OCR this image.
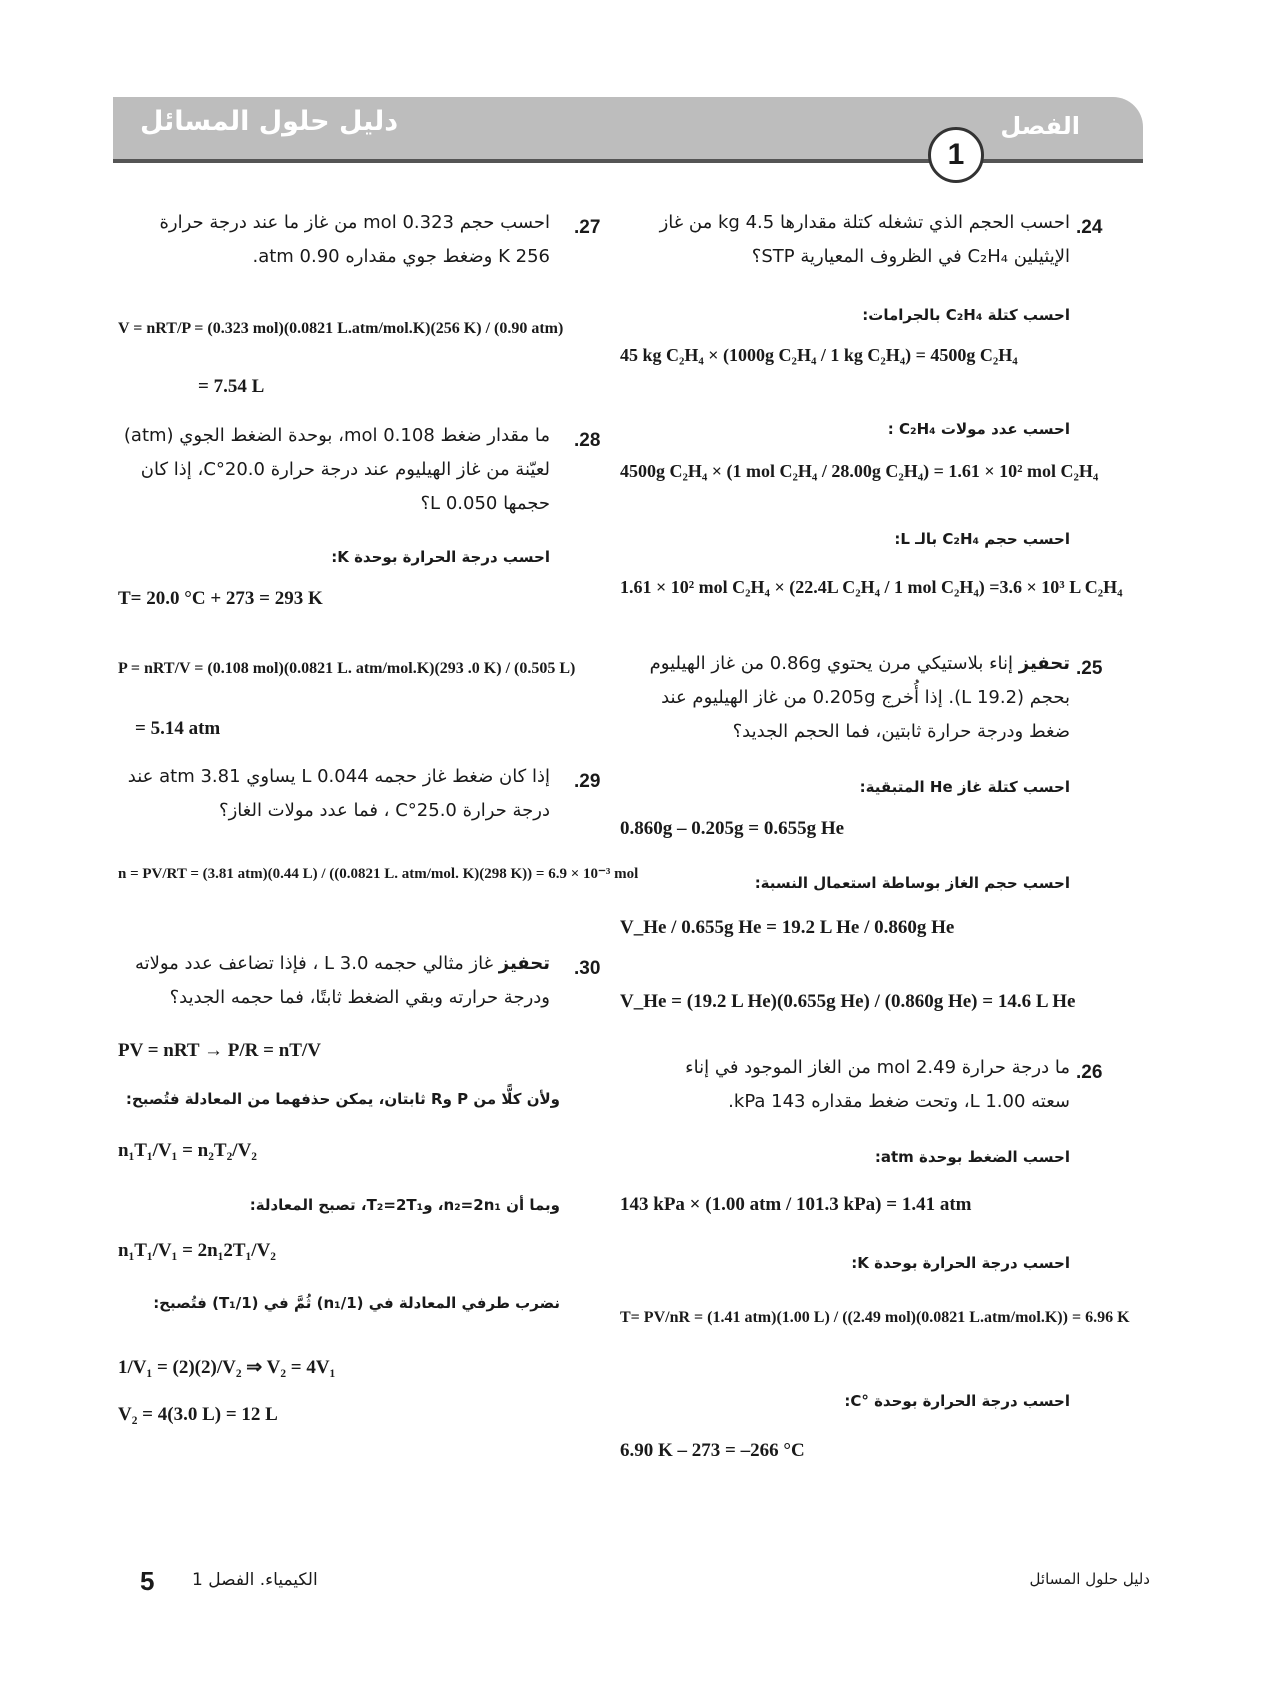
دليل حلول المسائل	الفصل
1
.24
احسب الحجم الذي تشغله كتلة مقدارها 4.5 kg من غاز
الإيثيلين C₂H₄ في الظروف المعيارية STP؟
احسب كتلة C₂H₄ بالجرامات:
45 kg C₂H₄ × (1000g C₂H₄ / 1 kg C₂H₄) = 4500g C₂H₄
احسب عدد مولات C₂H₄ :
4500g C₂H₄ × (1 mol C₂H₄ / 28.00g C₂H₄) = 1.61 × 10² mol C₂H₄
احسب حجم C₂H₄ بالـ L:
1.61 × 10² mol C₂H₄ × (22.4L C₂H₄ / 1 mol C₂H₄) =3.6 × 10³ L C₂H₄
.25
تحفيز إناء بلاستيكي مرن يحتوي 0.86g من غاز الهيليوم
بحجم (19.2 L). إذا أُخرج 0.205g من غاز الهيليوم عند
ضغط ودرجة حرارة ثابتين، فما الحجم الجديد؟
احسب كتلة غاز He المتبقية:
0.860g – 0.205g = 0.655g He
احسب حجم الغاز بوساطة استعمال النسبة:
V_He / 0.655g He = 19.2 L He / 0.860g He
V_He = (19.2 L He)(0.655g He) / (0.860g He) = 14.6 L He
.26
ما درجة حرارة 2.49 mol من الغاز الموجود في إناء
سعته 1.00 L، وتحت ضغط مقداره 143 kPa.
احسب الضغط بوحدة atm:
143 kPa × (1.00 atm / 101.3 kPa) = 1.41 atm
احسب درجة الحرارة بوحدة K:
T= PV/nR = (1.41 atm)(1.00 L) / ((2.49 mol)(0.0821 L.atm/mol.K)) = 6.96 K
احسب درجة الحرارة بوحدة °C:
6.90 K – 273 = –266 °C
.27
احسب حجم 0.323 mol من غاز ما عند درجة حرارة
256 K وضغط جوي مقداره 0.90 atm.
V = nRT/P = (0.323 mol)(0.0821 L.atm/mol.K)(256 K) / (0.90 atm)
= 7.54 L
.28
ما مقدار ضغط 0.108 mol، بوحدة الضغط الجوي (atm)
لعيّنة من غاز الهيليوم عند درجة حرارة 20.0°C، إذا كان
حجمها 0.050 L؟
احسب درجة الحرارة بوحدة K:
T= 20.0 °C + 273 = 293 K
P = nRT/V = (0.108 mol)(0.0821 L. atm/mol.K)(293 .0 K) / (0.505 L)
= 5.14 atm
.29
إذا كان ضغط غاز حجمه 0.044 L يساوي 3.81 atm عند
درجة حرارة 25.0°C ، فما عدد مولات الغاز؟
n = PV/RT = (3.81 atm)(0.44 L) / ((0.0821 L. atm/mol. K)(298 K)) = 6.9 × 10⁻³ mol
.30
تحفيز غاز مثالي حجمه 3.0 L ، فإذا تضاعف عدد مولاته
ودرجة حرارته وبقي الضغط ثابتًا، فما حجمه الجديد؟
PV = nRT → P/R = nT/V
ولأن كلًّا من P وR ثابتان، يمكن حذفهما من المعادلة فتُصبح:
n₁T₁/V₁ = n₂T₂/V₂
وبما أن n₂=2n₁، وT₂=2T₁، تصبح المعادلة:
n₁T₁/V₁ = 2n₁2T₁/V₂
نضرب طرفي المعادلة في (1/n₁) ثُمَّ في (1/T₁) فتُصبح:
1/V₁ = (2)(2)/V₂ ⇒ V₂ = 4V₁
V₂ = 4(3.0 L) = 12 L
5 الكيمياء. الفصل 1	دليل حلول المسائل
